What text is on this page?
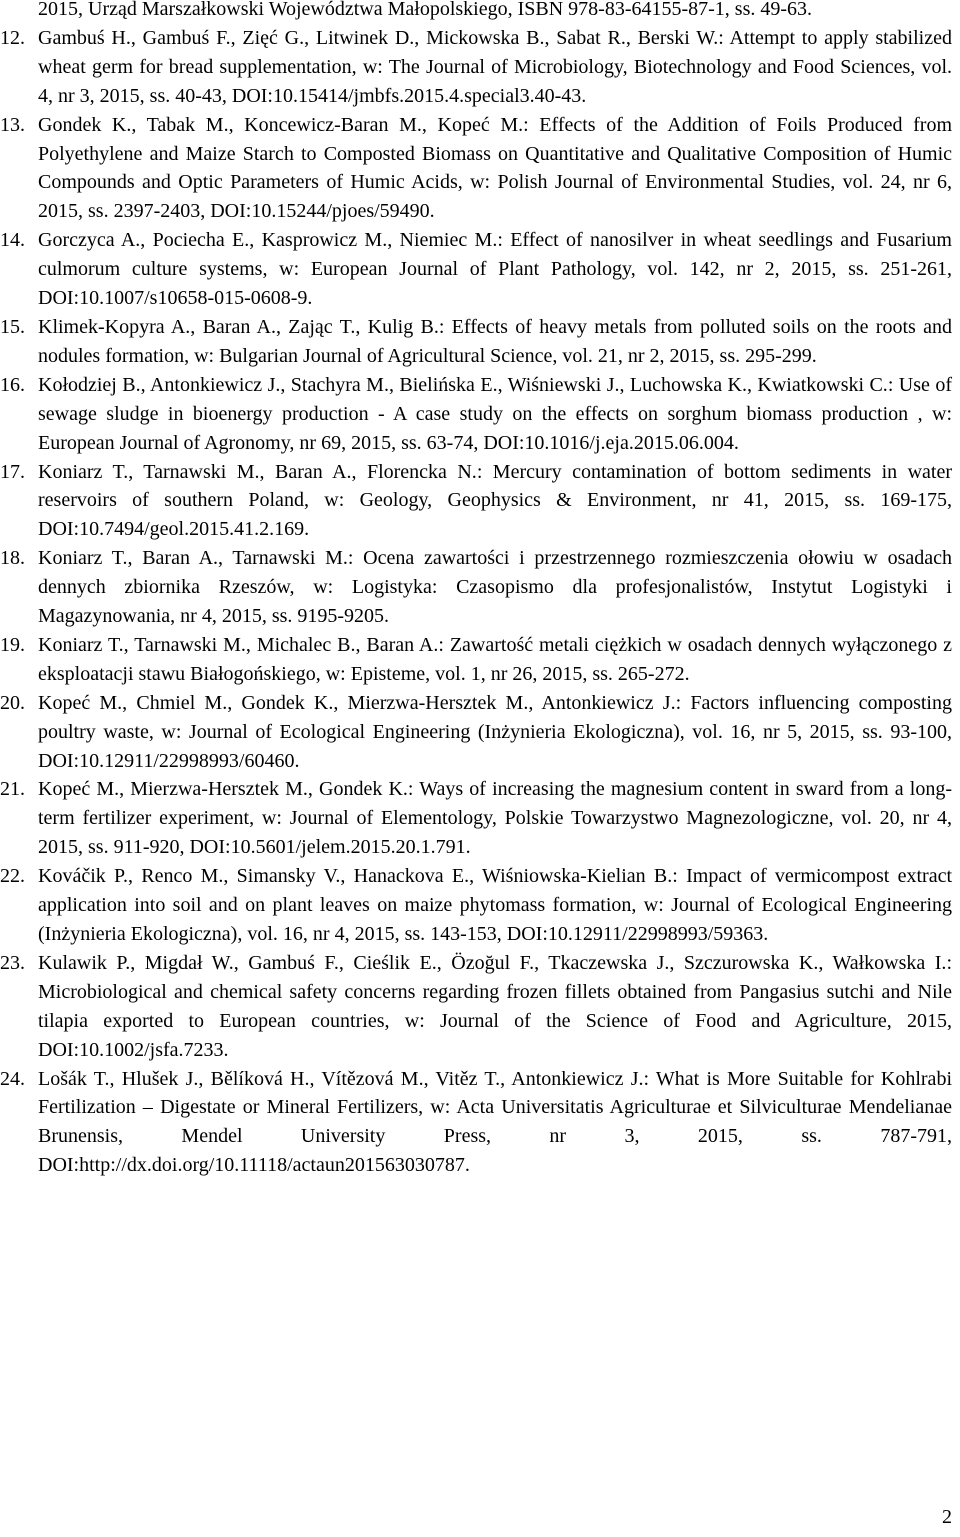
2015, Urząd Marszałkowski Województwa Małopolskiego, ISBN 978-83-64155-87-1, ss. 49-63.
12. Gambuś H., Gambuś F., Zięć G., Litwinek D., Mickowska B., Sabat R., Berski W.: Attempt to apply stabilized wheat germ for bread supplementation, w: The Journal of Microbiology, Biotechnology and Food Sciences, vol. 4, nr 3, 2015, ss. 40-43, DOI:10.15414/jmbfs.2015.4.special3.40-43.
13. Gondek K., Tabak M., Koncewicz-Baran M., Kopeć M.: Effects of the Addition of Foils Produced from Polyethylene and Maize Starch to Composted Biomass on Quantitative and Qualitative Composition of Humic Compounds and Optic Parameters of Humic Acids, w: Polish Journal of Environmental Studies, vol. 24, nr 6, 2015, ss. 2397-2403, DOI:10.15244/pjoes/59490.
14. Gorczyca A., Pociecha E., Kasprowicz M., Niemiec M.: Effect of nanosilver in wheat seedlings and Fusarium culmorum culture systems, w: European Journal of Plant Pathology, vol. 142, nr 2, 2015, ss. 251-261, DOI:10.1007/s10658-015-0608-9.
15. Klimek-Kopyra A., Baran A., Zając T., Kulig B.: Effects of heavy metals from polluted soils on the roots and nodules formation, w: Bulgarian Journal of Agricultural Science, vol. 21, nr 2, 2015, ss. 295-299.
16. Kołodziej B., Antonkiewicz J., Stachyra M., Bielińska E., Wiśniewski J., Luchowska K., Kwiatkowski C.: Use of sewage sludge in bioenergy production - A case study on the effects on sorghum biomass production , w: European Journal of Agronomy, nr 69, 2015, ss. 63-74, DOI:10.1016/j.eja.2015.06.004.
17. Koniarz T., Tarnawski M., Baran A., Florencka N.: Mercury contamination of bottom sediments in water reservoirs of southern Poland, w: Geology, Geophysics & Environment, nr 41, 2015, ss. 169-175, DOI:10.7494/geol.2015.41.2.169.
18. Koniarz T., Baran A., Tarnawski M.: Ocena zawartości i przestrzennego rozmieszczenia ołowiu w osadach dennych zbiornika Rzeszów, w: Logistyka: Czasopismo dla profesjonalistów, Instytut Logistyki i Magazynowania, nr 4, 2015, ss. 9195-9205.
19. Koniarz T., Tarnawski M., Michalec B., Baran A.: Zawartość metali ciężkich w osadach dennych wyłączonego z eksploatacji stawu Białogońskiego, w: Episteme, vol. 1, nr 26, 2015, ss. 265-272.
20. Kopeć M., Chmiel M., Gondek K., Mierzwa-Hersztek M., Antonkiewicz J.: Factors influencing composting poultry waste, w: Journal of Ecological Engineering (Inżynieria Ekologiczna), vol. 16, nr 5, 2015, ss. 93-100, DOI:10.12911/22998993/60460.
21. Kopeć M., Mierzwa-Hersztek M., Gondek K.: Ways of increasing the magnesium content in sward from a long-term fertilizer experiment, w: Journal of Elementology, Polskie Towarzystwo Magnezologiczne, vol. 20, nr 4, 2015, ss. 911-920, DOI:10.5601/jelem.2015.20.1.791.
22. Kováčik P., Renco M., Simansky V., Hanackova E., Wiśniowska-Kielian B.: Impact of vermicompost extract application into soil and on plant leaves on maize phytomass formation, w: Journal of Ecological Engineering (Inżynieria Ekologiczna), vol. 16, nr 4, 2015, ss. 143-153, DOI:10.12911/22998993/59363.
23. Kulawik P., Migdał W., Gambuś F., Cieślik E., Özoğul F., Tkaczewska J., Szczurowska K., Wałkowska I.: Microbiological and chemical safety concerns regarding frozen fillets obtained from Pangasius sutchi and Nile tilapia exported to European countries, w: Journal of the Science of Food and Agriculture, 2015, DOI:10.1002/jsfa.7233.
24. Lošák T., Hlušek J., Bělíková H., Vítězová M., Vitěz T., Antonkiewicz J.: What is More Suitable for Kohlrabi Fertilization – Digestate or Mineral Fertilizers, w: Acta Universitatis Agriculturae et Silviculturae Mendelianae Brunensis, Mendel University Press, nr 3, 2015, ss. 787-791, DOI:http://dx.doi.org/10.11118/actaun201563030787.
2
